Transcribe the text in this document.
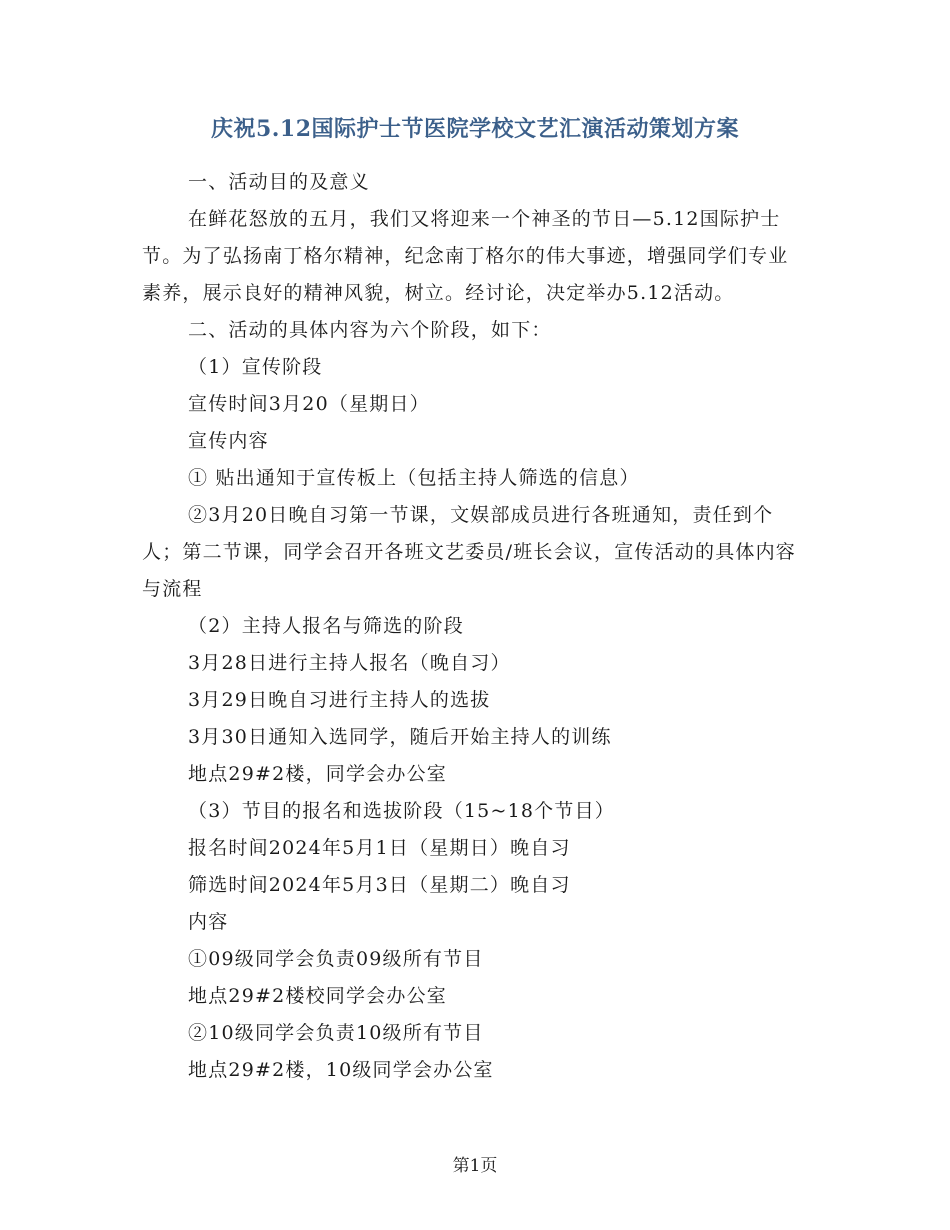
庆祝5.12国际护士节医院学校文艺汇演活动策划方案

一、活动目的及意义

在鲜花怒放的五月，我们又将迎来一个神圣的节日—5.12国际护士节。为了弘扬南丁格尔精神，纪念南丁格尔的伟大事迹，增强同学们专业素养，展示良好的精神风貌，树立。经讨论，决定举办5.12活动。

二、活动的具体内容为六个阶段，如下：

（1）宣传阶段

宣传时间3月20（星期日）

宣传内容

① 贴出通知于宣传板上（包括主持人筛选的信息）

②3月20日晚自习第一节课，文娱部成员进行各班通知，责任到个人；第二节课，同学会召开各班文艺委员/班长会议，宣传活动的具体内容与流程

（2）主持人报名与筛选的阶段

3月28日进行主持人报名（晚自习）

3月29日晚自习进行主持人的选拔

3月30日通知入选同学，随后开始主持人的训练

地点29#2楼，同学会办公室

（3）节目的报名和选拔阶段（15~18个节目）

报名时间2024年5月1日（星期日）晚自习

筛选时间2024年5月3日（星期二）晚自习

内容

①09级同学会负责09级所有节目

地点29#2楼校同学会办公室

②10级同学会负责10级所有节目

地点29#2楼，10级同学会办公室

第1页
